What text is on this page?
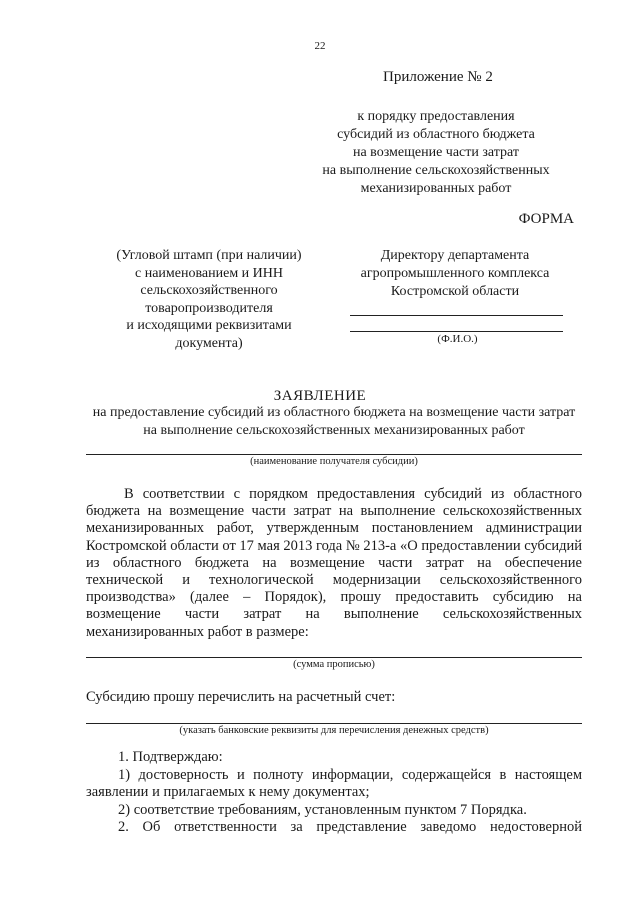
22
Приложение № 2
к порядку предоставления
субсидий из областного бюджета
на возмещение части затрат
на выполнение сельскохозяйственных
механизированных работ
ФОРМА
(Угловой штамп (при наличии)
с наименованием и ИНН
сельскохозяйственного
товаропроизводителя
и исходящими реквизитами
документа)
Директору департамента
агропромышленного комплекса
Костромской области
(Ф.И.О.)
ЗАЯВЛЕНИЕ
на предоставление субсидий из областного бюджета на возмещение части затрат на выполнение сельскохозяйственных механизированных работ
(наименование получателя субсидии)
В соответствии с порядком предоставления субсидий из областного бюджета на возмещение части затрат на выполнение сельскохозяйственных механизированных работ, утвержденным постановлением администрации Костромской области от 17 мая 2013 года № 213-а «О предоставлении субсидий из областного бюджета на возмещение части затрат на обеспечение технической и технологической модернизации сельскохозяйственного производства» (далее – Порядок), прошу предоставить субсидию на возмещение части затрат на выполнение сельскохозяйственных механизированных работ в размере:
(сумма прописью)
Субсидию прошу перечислить на расчетный счет:
(указать банковские реквизиты для перечисления денежных средств)

1. Подтверждаю:

1) достоверность и полноту информации, содержащейся в настоящем заявлении и прилагаемых к нему документах;

2) соответствие требованиям, установленным пунктом 7 Порядка.

2. Об ответственности за представление заведомо недостоверной
